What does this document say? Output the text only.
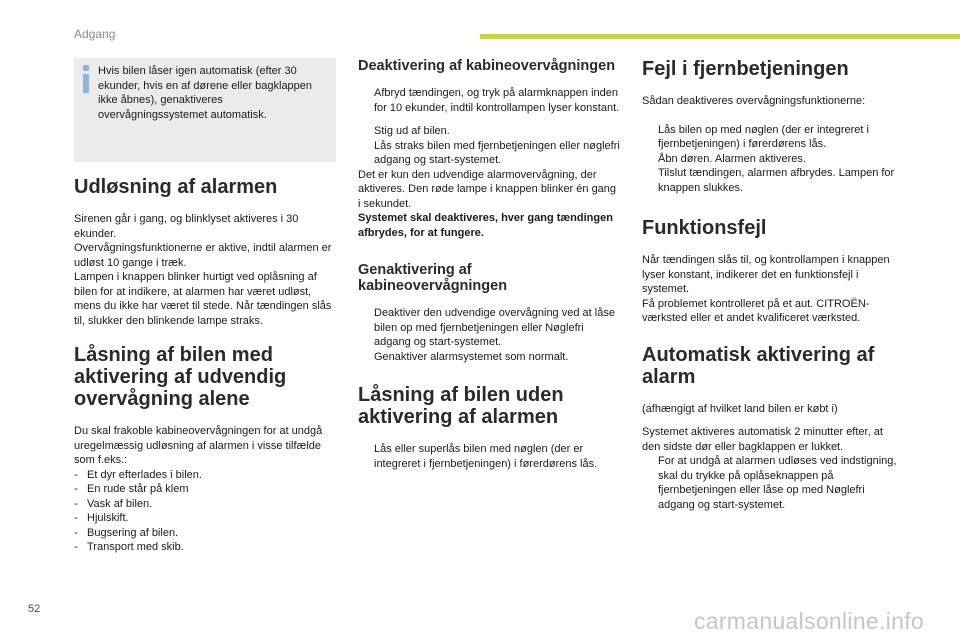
Adgang

Hvis bilen låser igen automatisk (efter 30 ekunder, hvis en af dørene eller bagklappen ikke åbnes), genaktiveres overvågningssystemet automatisk.

Udløsning af alarmen

Sirenen går i gang, og blinklyset aktiveres i 30 ekunder.

Overvågningsfunktionerne er aktive, indtil alarmen er udløst 10 gange i træk.

Lampen i knappen blinker hurtigt ved oplåsning af bilen for at indikere, at alarmen har været udløst, mens du ikke har været til stede. Når tændingen slås til, slukker den blinkende lampe straks.

Låsning af bilen med aktivering af udvendig overvågning alene

Du skal frakoble kabineovervågningen for at undgå uregelmæssig udløsning af alarmen i visse tilfælde som f.eks.:

- Et dyr efterlades i bilen.
- En rude står på klem
- Vask af bilen.
- Hjulskift.
- Bugsering af bilen.
- Transport med skib.
Deaktivering af kabineovervågningen
Afbryd tændingen, og tryk på alarmknappen inden for 10 ekunder, indtil kontrollampen lyser konstant.
Stig ud af bilen.
Lås straks bilen med fjernbetjeningen eller nøglefri adgang og start-systemet.

Det er kun den udvendige alarmovervågning, der aktiveres. Den røde lampe i knappen blinker én gang i sekundet.

Systemet skal deaktiveres, hver gang tændingen afbrydes, for at fungere.

Genaktivering af kabineovervågningen
Deaktiver den udvendige overvågning ved at låse bilen op med fjernbetjeningen eller Nøglefri adgang og start-systemet.
Genaktiver alarmsystemet som normalt.
Låsning af bilen uden aktivering af alarmen
Lås eller superlås bilen med nøglen (der er integreret i fjernbetjeningen) i førerdørens lås.
Fejl i fjernbetjeningen

Sådan deaktiveres overvågningsfunktionerne:

Lås bilen op med nøglen (der er integreret i fjernbetjeningen) i førerdørens lås.
Åbn døren. Alarmen aktiveres.
Tilslut tændingen, alarmen afbrydes. Lampen for knappen slukkes.
Funktionsfejl

Når tændingen slås til, og kontrollampen i knappen lyser konstant, indikerer det en funktionsfejl i systemet.

Få problemet kontrolleret på et aut. CITROËN-værksted eller et andet kvalificeret værksted.

Automatisk aktivering af alarm

(afhængigt af hvilket land bilen er købt i)

Systemet aktiveres automatisk 2 minutter efter, at den sidste dør eller bagklappen er lukket.

For at undgå at alarmen udløses ved indstigning, skal du trykke på oplåseknappen på fjernbetjeningen eller låse op med Nøglefri adgang og start-systemet.
52	carmanualsonline.info
